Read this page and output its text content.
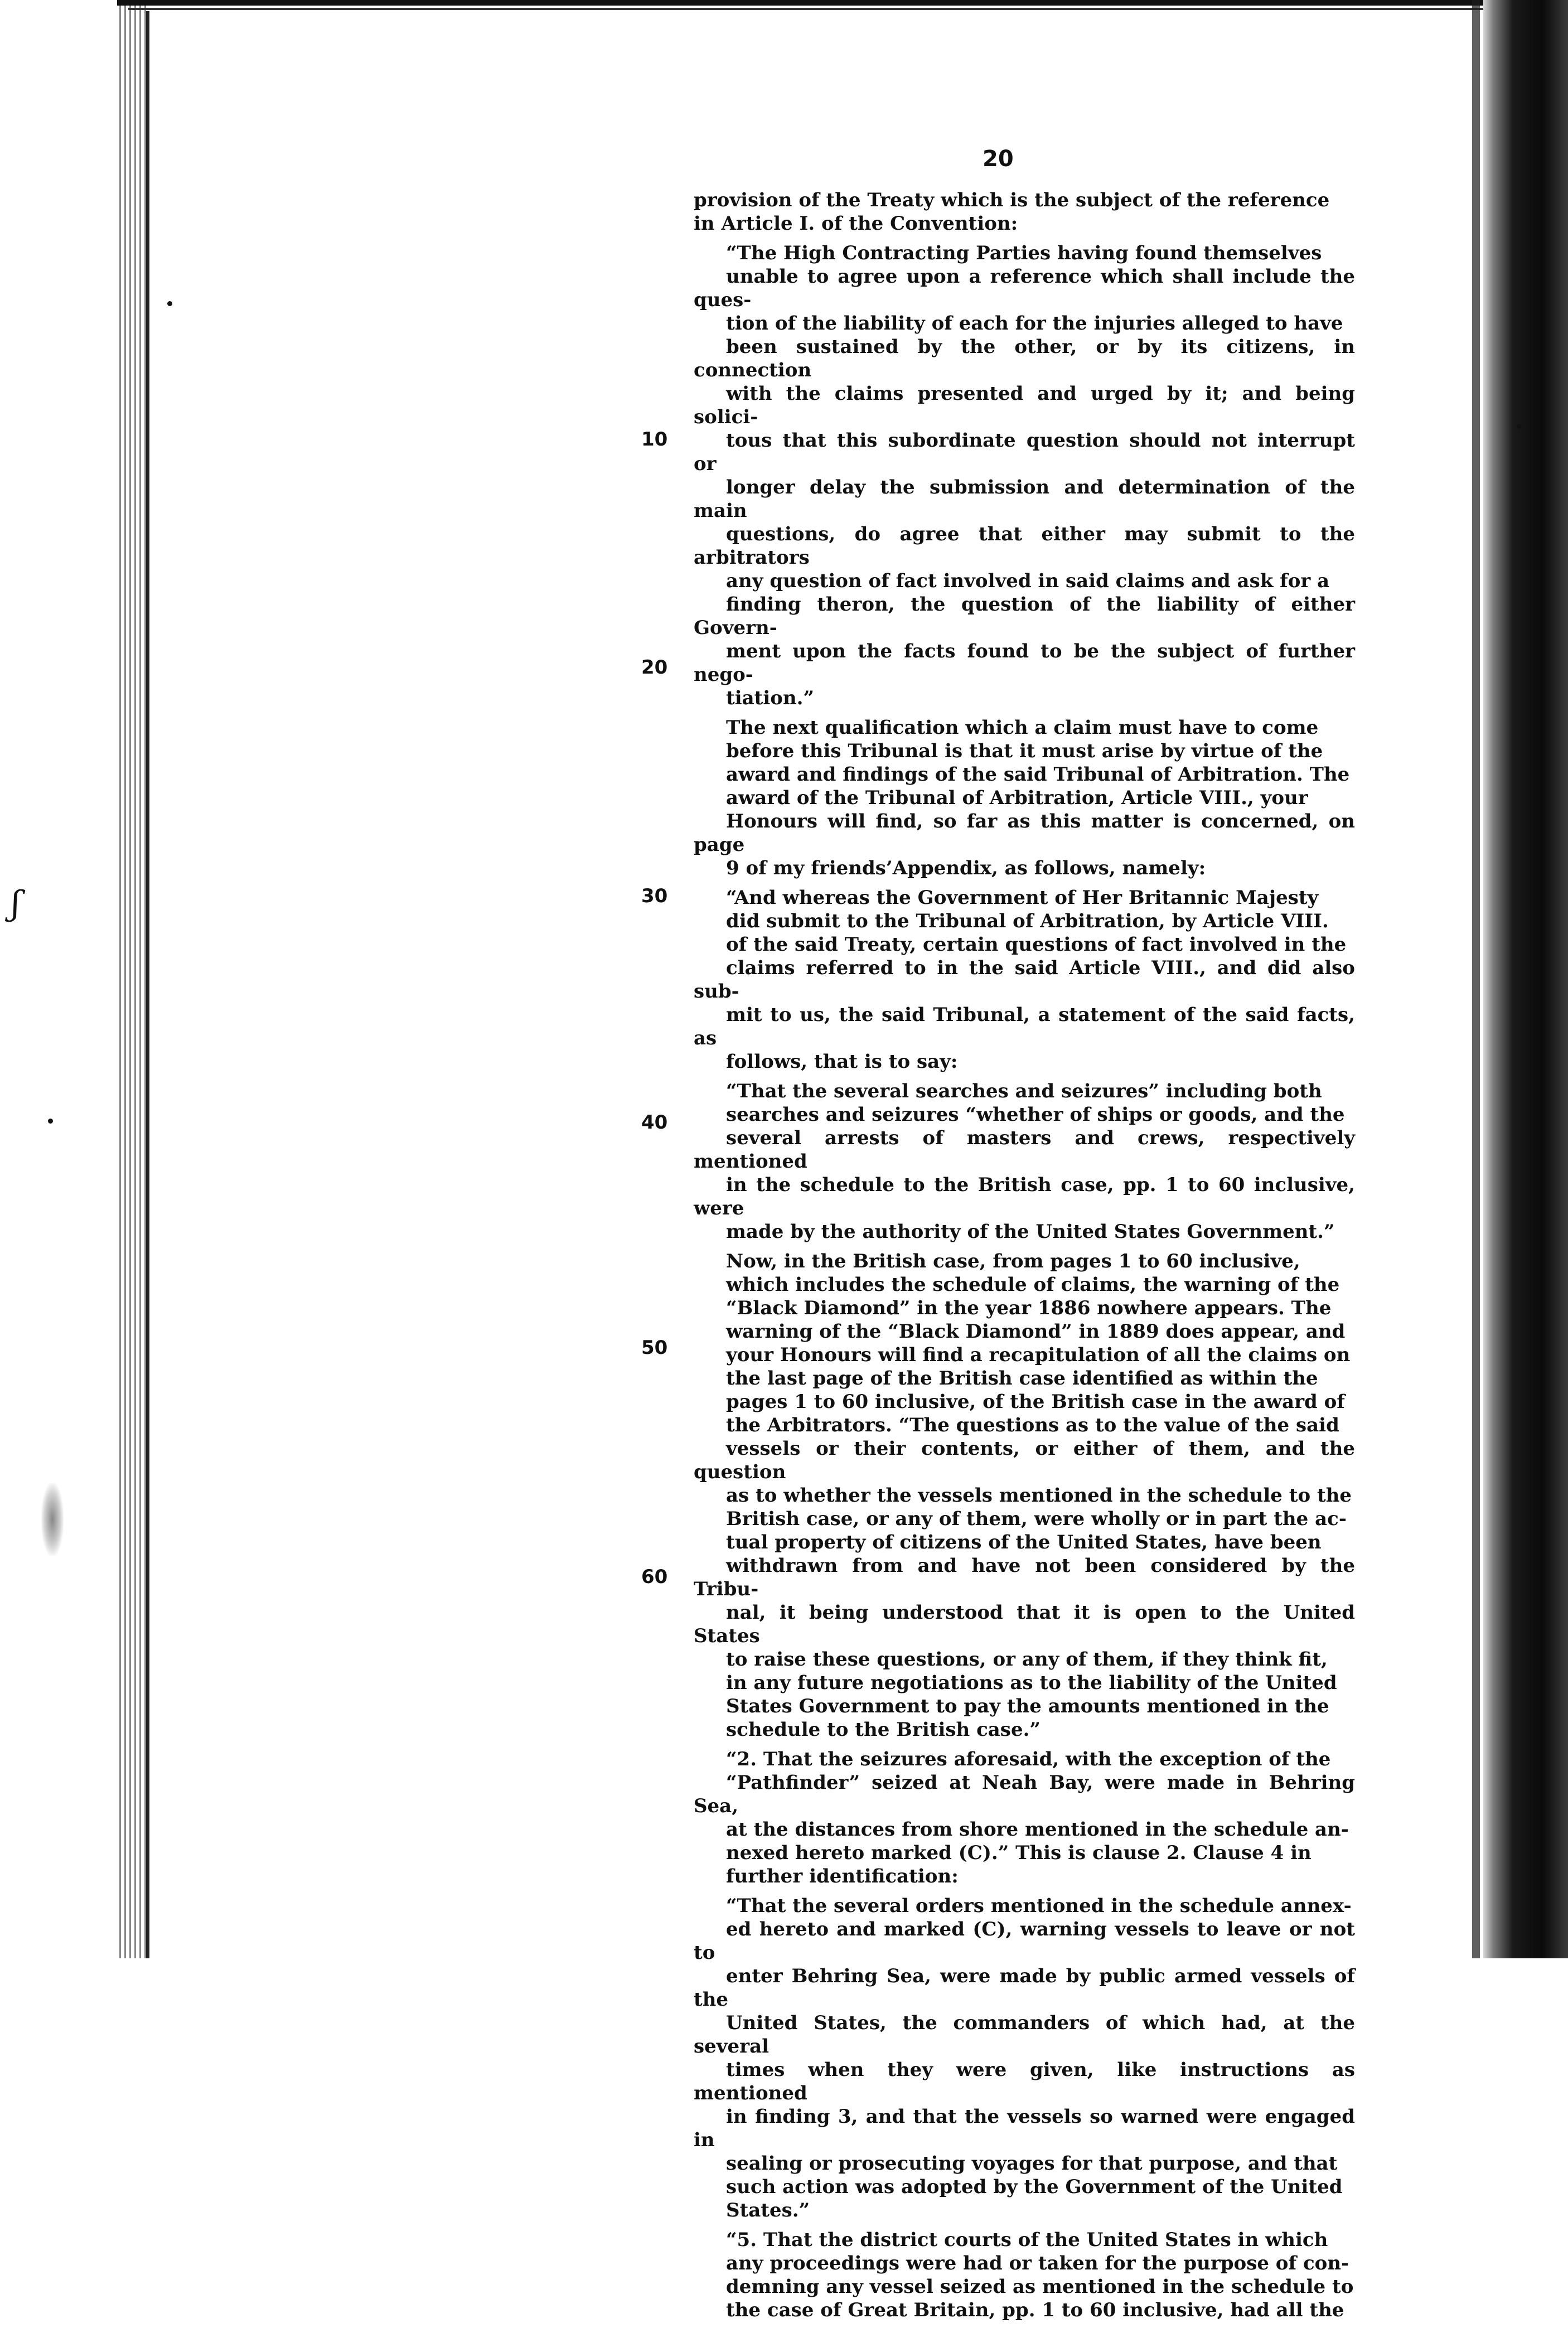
ʃ
20
10
20
30
40
50
60
provision of the Treaty which is the subject of the reference
in Article I. of the Convention:
“The High Contracting Parties having found themselves
unable to agree upon a reference which shall include the ques-
tion of the liability of each for the injuries alleged to have
been sustained by the other, or by its citizens, in connection
with the claims presented and urged by it; and being solici-
tous that this subordinate question should not interrupt or
longer delay the submission and determination of the main
questions, do agree that either may submit to the arbitrators
any question of fact involved in said claims and ask for a
finding theron, the question of the liability of either Govern-
ment upon the facts found to be the subject of further nego-
tiation.”
The next qualification which a claim must have to come
before this Tribunal is that it must arise by virtue of the
award and findings of the said Tribunal of Arbitration. The
award of the Tribunal of Arbitration, Article VIII., your
Honours will find, so far as this matter is concerned, on page
9 of my friends’Appendix, as follows, namely:
“And whereas the Government of Her Britannic Majesty
did submit to the Tribunal of Arbitration, by Article VIII.
of the said Treaty, certain questions of fact involved in the
claims referred to in the said Article VIII., and did also sub-
mit to us, the said Tribunal, a statement of the said facts, as
follows, that is to say:
“That the several searches and seizures” including both
searches and seizures “whether of ships or goods, and the
several arrests of masters and crews, respectively mentioned
in the schedule to the British case, pp. 1 to 60 inclusive, were
made by the authority of the United States Government.”
Now, in the British case, from pages 1 to 60 inclusive,
which includes the schedule of claims, the warning of the
“Black Diamond” in the year 1886 nowhere appears. The
warning of the “Black Diamond” in 1889 does appear, and
your Honours will find a recapitulation of all the claims on
the last page of the British case identified as within the
pages 1 to 60 inclusive, of the British case in the award of
the Arbitrators. “The questions as to the value of the said
vessels or their contents, or either of them, and the question
as to whether the vessels mentioned in the schedule to the
British case, or any of them, were wholly or in part the ac-
tual property of citizens of the United States, have been
withdrawn from and have not been considered by the Tribu-
nal, it being understood that it is open to the United States
to raise these questions, or any of them, if they think fit,
in any future negotiations as to the liability of the United
States Government to pay the amounts mentioned in the
schedule to the British case.”
“2. That the seizures aforesaid, with the exception of the
“Pathfinder” seized at Neah Bay, were made in Behring Sea,
at the distances from shore mentioned in the schedule an-
nexed hereto marked (C).” This is clause 2. Clause 4 in
further identification:
“That the several orders mentioned in the schedule annex-
ed hereto and marked (C), warning vessels to leave or not to
enter Behring Sea, were made by public armed vessels of the
United States, the commanders of which had, at the several
times when they were given, like instructions as mentioned
in finding 3, and that the vessels so warned were engaged in
sealing or prosecuting voyages for that purpose, and that
such action was adopted by the Government of the United
States.”
“5. That the district courts of the United States in which
any proceedings were had or taken for the purpose of con-
demning any vessel seized as mentioned in the schedule to
the case of Great Britain, pp. 1 to 60 inclusive, had all the
